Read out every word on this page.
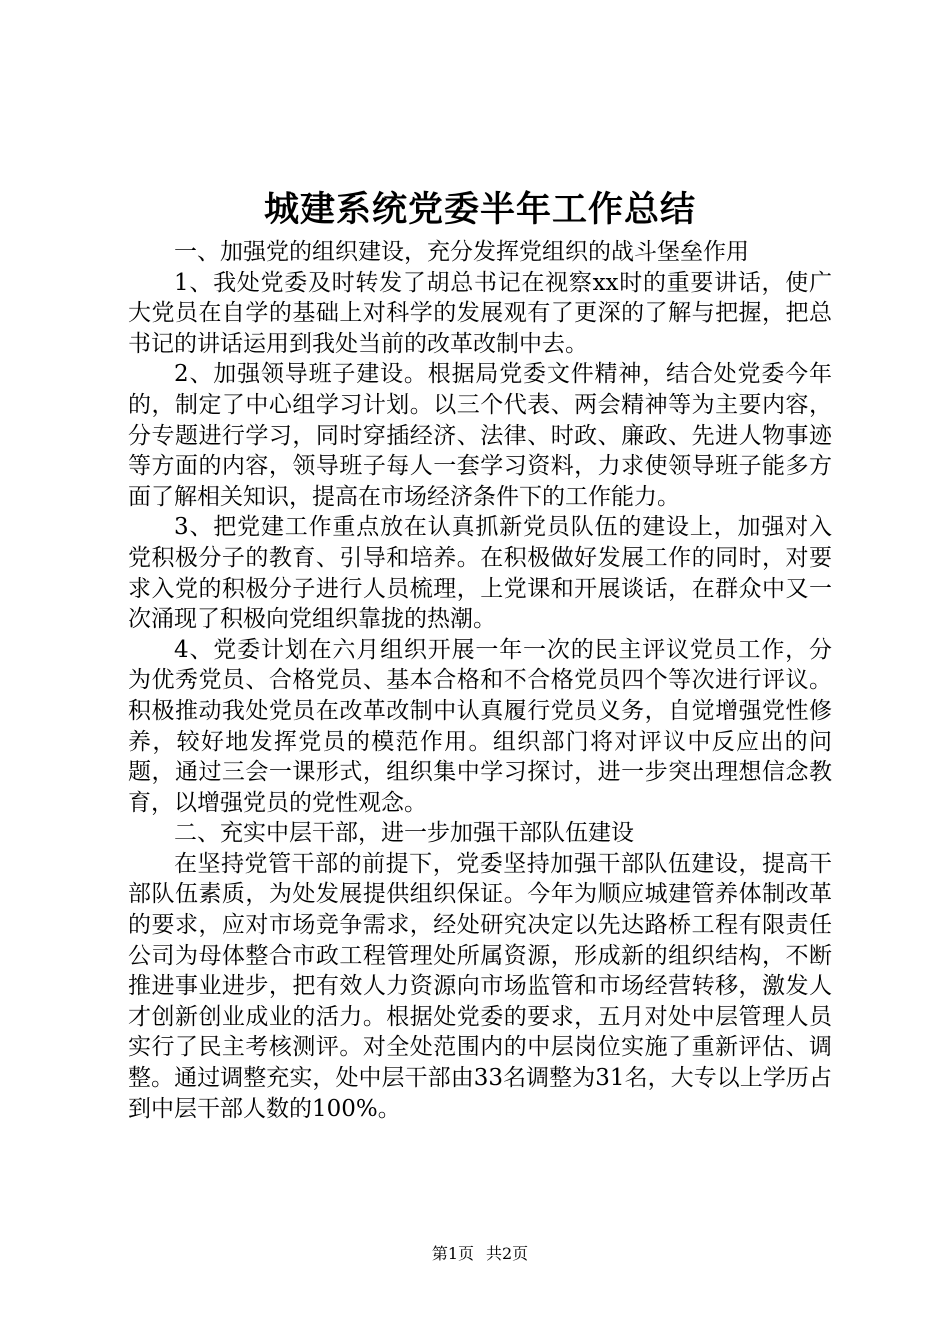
城建系统党委半年工作总结

一、加强党的组织建设，充分发挥党组织的战斗堡垒作用

1、我处党委及时转发了胡总书记在视察xx时的重要讲话，使广大党员在自学的基础上对科学的发展观有了更深的了解与把握，把总书记的讲话运用到我处当前的改革改制中去。

2、加强领导班子建设。根据局党委文件精神，结合处党委今年的，制定了中心组学习计划。以三个代表、两会精神等为主要内容，分专题进行学习，同时穿插经济、法律、时政、廉政、先进人物事迹等方面的内容，领导班子每人一套学习资料，力求使领导班子能多方面了解相关知识，提高在市场经济条件下的工作能力。

3、把党建工作重点放在认真抓新党员队伍的建设上，加强对入党积极分子的教育、引导和培养。在积极做好发展工作的同时，对要求入党的积极分子进行人员梳理，上党课和开展谈话，在群众中又一次涌现了积极向党组织靠拢的热潮。

4、党委计划在六月组织开展一年一次的民主评议党员工作，分为优秀党员、合格党员、基本合格和不合格党员四个等次进行评议。积极推动我处党员在改革改制中认真履行党员义务，自觉增强党性修养，较好地发挥党员的模范作用。组织部门将对评议中反应出的问题，通过三会一课形式，组织集中学习探讨，进一步突出理想信念教育，以增强党员的党性观念。

二、充实中层干部，进一步加强干部队伍建设

在坚持党管干部的前提下，党委坚持加强干部队伍建设，提高干部队伍素质，为处发展提供组织保证。今年为顺应城建管养体制改革的要求，应对市场竞争需求，经处研究决定以先达路桥工程有限责任公司为母体整合市政工程管理处所属资源，形成新的组织结构，不断推进事业进步，把有效人力资源向市场监管和市场经营转移，激发人才创新创业成业的活力。根据处党委的要求，五月对处中层管理人员实行了民主考核测评。对全处范围内的中层岗位实施了重新评估、调整。通过调整充实，处中层干部由33名调整为31名，大专以上学历占到中层干部人数的100%。

第1页 共2页
